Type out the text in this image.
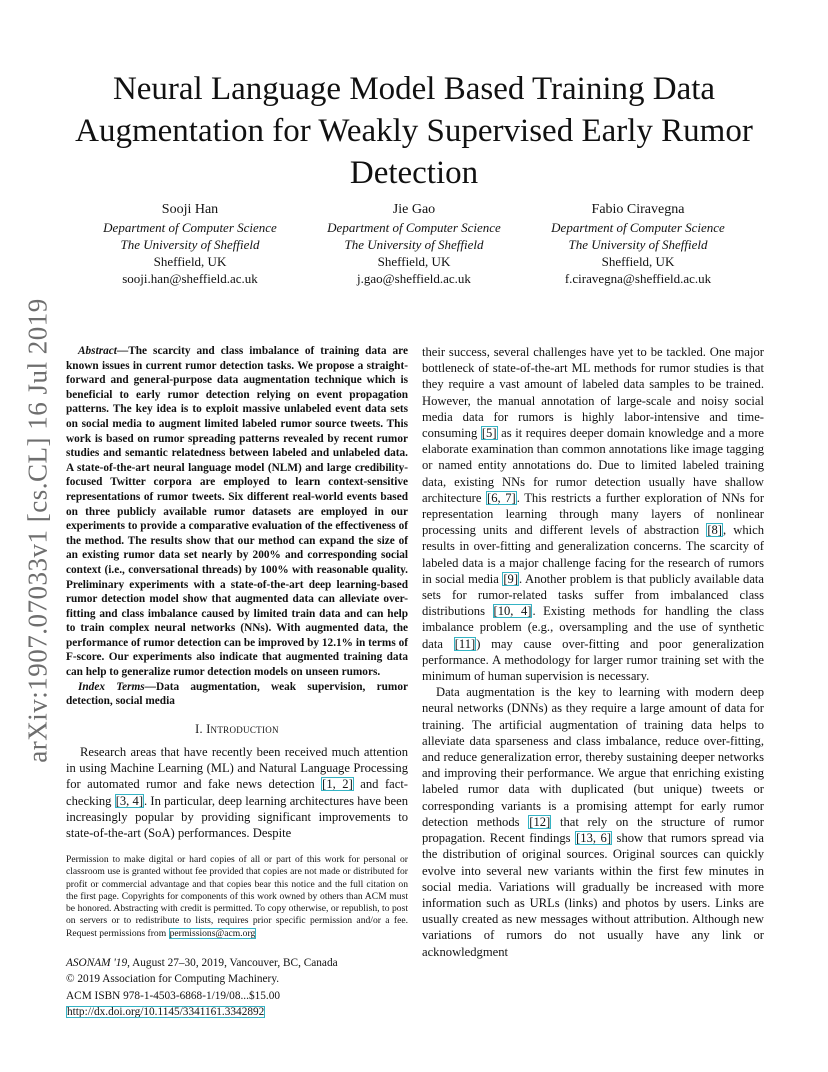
arXiv:1907.07033v1 [cs.CL] 16 Jul 2019
Neural Language Model Based Training Data Augmentation for Weakly Supervised Early Rumor Detection
Sooji Han
Department of Computer Science
The University of Sheffield
Sheffield, UK
sooji.han@sheffield.ac.uk
Jie Gao
Department of Computer Science
The University of Sheffield
Sheffield, UK
j.gao@sheffield.ac.uk
Fabio Ciravegna
Department of Computer Science
The University of Sheffield
Sheffield, UK
f.ciravegna@sheffield.ac.uk

Abstract—The scarcity and class imbalance of training data are known issues in current rumor detection tasks. We propose a straight-forward and general-purpose data augmentation technique which is beneficial to early rumor detection relying on event propagation patterns. The key idea is to exploit massive unlabeled event data sets on social media to augment limited labeled rumor source tweets. This work is based on rumor spreading patterns revealed by recent rumor studies and semantic relatedness between labeled and unlabeled data. A state-of-the-art neural language model (NLM) and large credibility-focused Twitter corpora are employed to learn context-sensitive representations of rumor tweets. Six different real-world events based on three publicly available rumor datasets are employed in our experiments to provide a comparative evaluation of the effectiveness of the method. The results show that our method can expand the size of an existing rumor data set nearly by 200% and corresponding social context (i.e., conversational threads) by 100% with reasonable quality. Preliminary experiments with a state-of-the-art deep learning-based rumor detection model show that augmented data can alleviate over-fitting and class imbalance caused by limited train data and can help to train complex neural networks (NNs). With augmented data, the performance of rumor detection can be improved by 12.1% in terms of F-score. Our experiments also indicate that augmented training data can help to generalize rumor detection models on unseen rumors.

Index Terms—Data augmentation, weak supervision, rumor detection, social media

I. Introduction

Research areas that have recently been received much attention in using Machine Learning (ML) and Natural Language Processing for automated rumor and fake news detection [1, 2] and fact-checking [3, 4]. In particular, deep learning architectures have been increasingly popular by providing significant improvements to state-of-the-art (SoA) performances. Despite

Permission to make digital or hard copies of all or part of this work for personal or classroom use is granted without fee provided that copies are not made or distributed for profit or commercial advantage and that copies bear this notice and the full citation on the first page. Copyrights for components of this work owned by others than ACM must be honored. Abstracting with credit is permitted. To copy otherwise, or republish, to post on servers or to redistribute to lists, requires prior specific permission and/or a fee. Request permissions from permissions@acm.org
ASONAM '19, August 27–30, 2019, Vancouver, BC, Canada
© 2019 Association for Computing Machinery.
ACM ISBN 978-1-4503-6868-1/19/08...$15.00
http://dx.doi.org/10.1145/3341161.3342892

their success, several challenges have yet to be tackled. One major bottleneck of state-of-the-art ML methods for rumor studies is that they require a vast amount of labeled data samples to be trained. However, the manual annotation of large-scale and noisy social media data for rumors is highly labor-intensive and time-consuming [5] as it requires deeper domain knowledge and a more elaborate examination than common annotations like image tagging or named entity annotations do. Due to limited labeled training data, existing NNs for rumor detection usually have shallow architecture [6, 7]. This restricts a further exploration of NNs for representation learning through many layers of nonlinear processing units and different levels of abstraction [8], which results in over-fitting and generalization concerns. The scarcity of labeled data is a major challenge facing for the research of rumors in social media [9]. Another problem is that publicly available data sets for rumor-related tasks suffer from imbalanced class distributions [10, 4]. Existing methods for handling the class imbalance problem (e.g., oversampling and the use of synthetic data [11]) may cause over-fitting and poor generalization performance. A methodology for larger rumor training set with the minimum of human supervision is necessary.

Data augmentation is the key to learning with modern deep neural networks (DNNs) as they require a large amount of data for training. The artificial augmentation of training data helps to alleviate data sparseness and class imbalance, reduce over-fitting, and reduce generalization error, thereby sustaining deeper networks and improving their performance. We argue that enriching existing labeled rumor data with duplicated (but unique) tweets or corresponding variants is a promising attempt for early rumor detection methods [12] that rely on the structure of rumor propagation. Recent findings [13, 6] show that rumors spread via the distribution of original sources. Original sources can quickly evolve into several new variants within the first few minutes in social media. Variations will gradually be increased with more information such as URLs (links) and photos by users. Links are usually created as new messages without attribution. Although new variations of rumors do not usually have any link or acknowledgment
